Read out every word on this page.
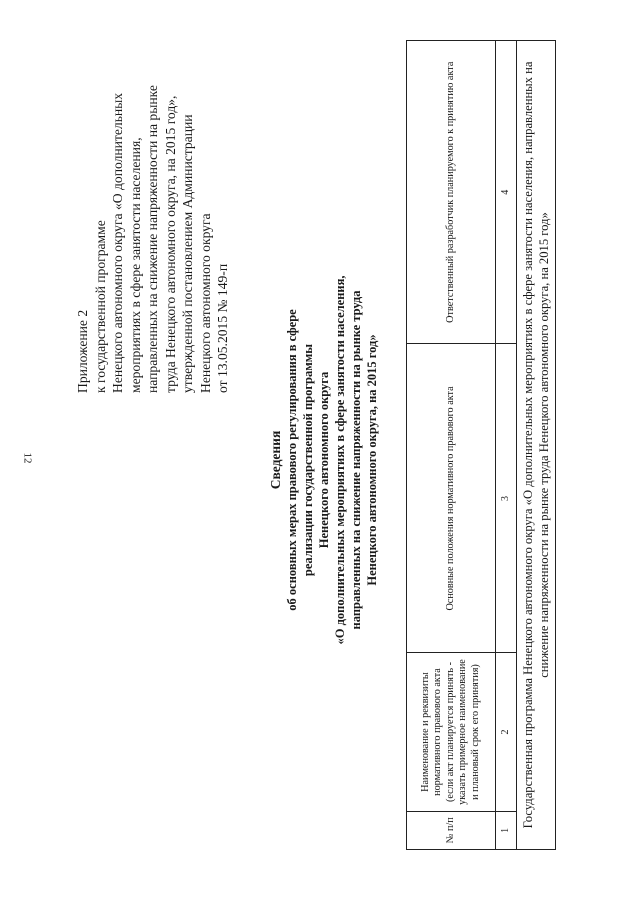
12
Приложение 2 к государственной программе Ненецкого автономного округа «О дополнительных мероприятиях в сфере занятости населения, направленных на снижение напряженности на рынке труда Ненецкого автономного округа, на 2015 год», утвержденной постановлением Администрации Ненецкого автономного округа от 13.05.2015 № 149-п
Сведения об основных мерах правового регулирования в сфере реализации государственной программы Ненецкого автономного округа «О дополнительных мероприятиях в сфере занятости населения, направленных на снижение напряженности на рынке труда Ненецкого автономного округа, на 2015 год»
№ п/п	Наименование и реквизиты нормативного правового акта (если акт планируется принять - указать примерное наименование и плановый срок его принятия)	Основные положения нормативного правового акта	Ответственный разработчик планируемого к принятию акта
1	2	3	4
Государственная программа Ненецкого автономного округа «О дополнительных мероприятиях в сфере занятости населения, направленных на снижение напряженности на рынке труда Ненецкого автономного округа, на 2015 год»			
